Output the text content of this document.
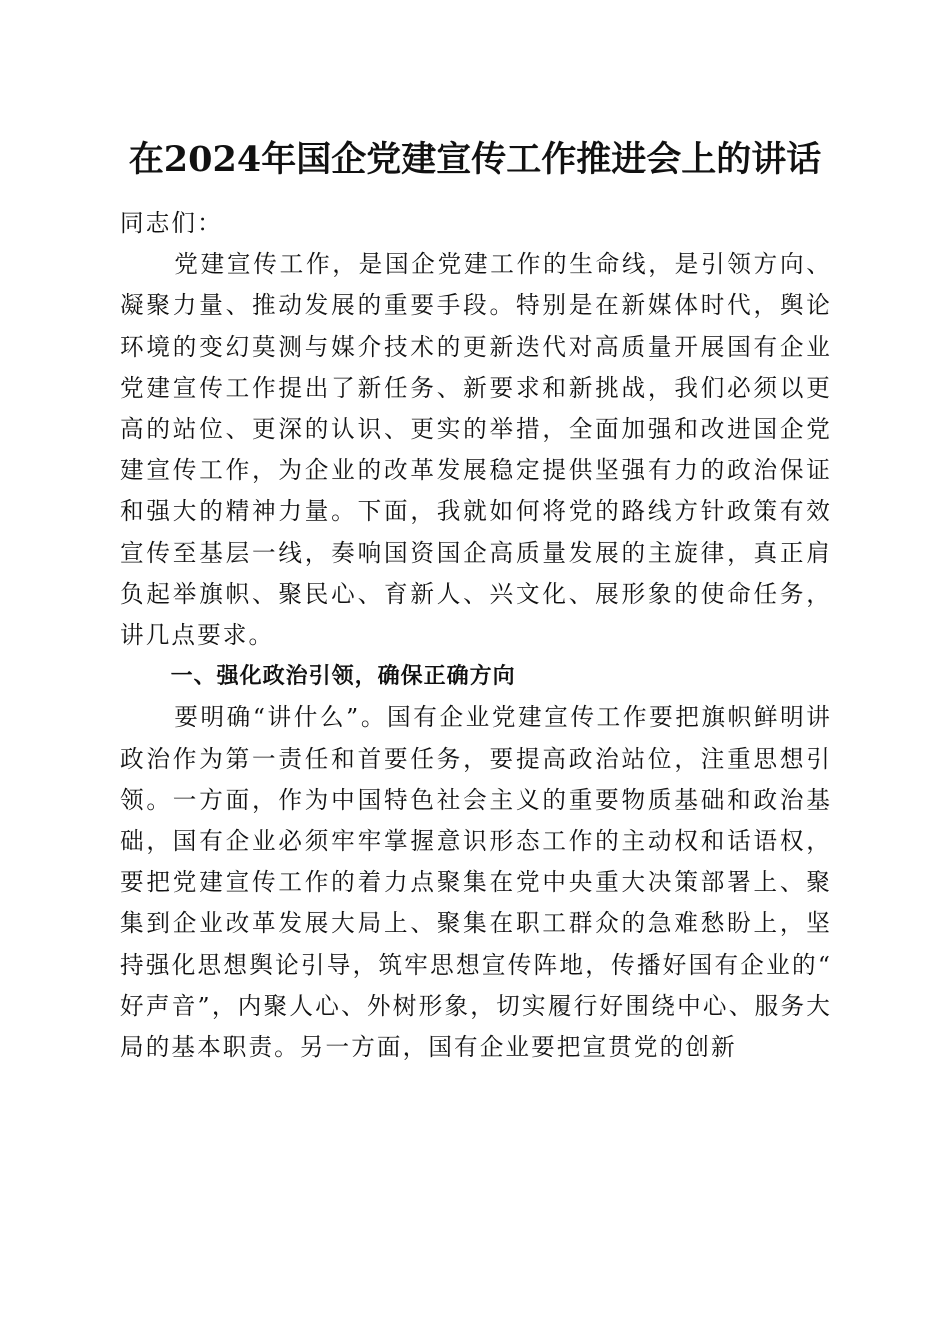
在2024年国企党建宣传工作推进会上的讲话

同志们：

党建宣传工作，是国企党建工作的生命线，是引领方向、凝聚力量、推动发展的重要手段。特别是在新媒体时代，舆论环境的变幻莫测与媒介技术的更新迭代对高质量开展国有企业党建宣传工作提出了新任务、新要求和新挑战，我们必须以更高的站位、更深的认识、更实的举措，全面加强和改进国企党建宣传工作，为企业的改革发展稳定提供坚强有力的政治保证和强大的精神力量。下面，我就如何将党的路线方针政策有效宣传至基层一线，奏响国资国企高质量发展的主旋律，真正肩负起举旗帜、聚民心、育新人、兴文化、展形象的使命任务，讲几点要求。

一、强化政治引领，确保正确方向

要明确“讲什么”。国有企业党建宣传工作要把旗帜鲜明讲政治作为第一责任和首要任务，要提高政治站位，注重思想引领。一方面，作为中国特色社会主义的重要物质基础和政治基础，国有企业必须牢牢掌握意识形态工作的主动权和话语权，要把党建宣传工作的着力点聚集在党中央重大决策部署上、聚集到企业改革发展大局上、聚集在职工群众的急难愁盼上，坚持强化思想舆论引导，筑牢思想宣传阵地，传播好国有企业的“好声音”，内聚人心、外树形象，切实履行好围绕中心、服务大局的基本职责。另一方面，国有企业要把宣贯党的创新
